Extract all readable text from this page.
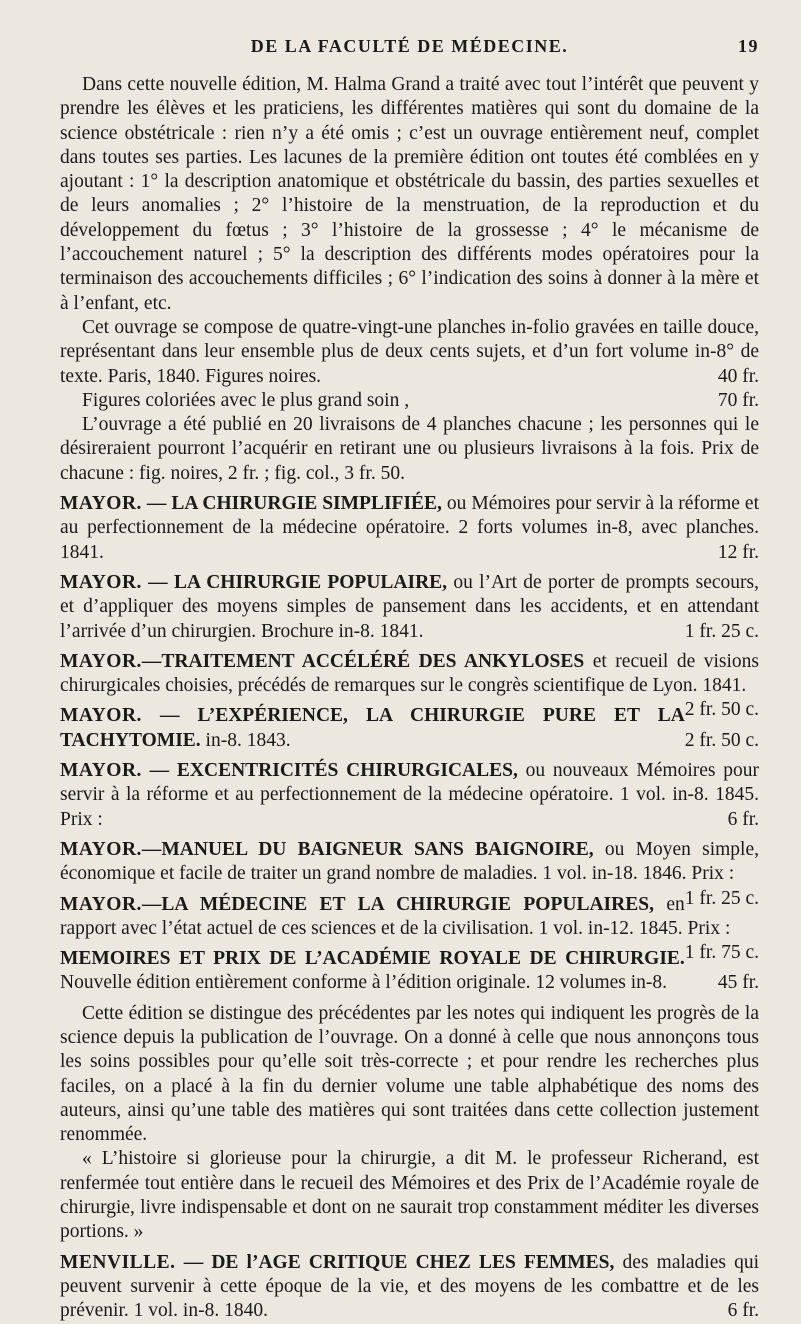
DE LA FACULTÉ DE MÉDECINE.	19

Dans cette nouvelle édition, M. Halma Grand a traité avec tout l’intérêt que peuvent y prendre les élèves et les praticiens, les différentes matières qui sont du domaine de la science obstétricale : rien n’y a été omis ; c’est un ouvrage entièrement neuf, complet dans toutes ses parties. Les lacunes de la première édition ont toutes été comblées en y ajoutant : 1° la description anatomique et obstétricale du bassin, des parties sexuelles et de leurs anomalies ; 2° l’histoire de la menstruation, de la reproduction et du développement du fœtus ; 3° l’histoire de la grossesse ; 4° le mécanisme de l’accouchement naturel ; 5° la description des différents modes opératoires pour la terminaison des accouchements difficiles ; 6° l’indication des soins à donner à la mère et à l’enfant, etc.

Cet ouvrage se compose de quatre-vingt-une planches in-folio gravées en taille douce, représentant dans leur ensemble plus de deux cents sujets, et d’un fort volume in-8° de texte. Paris, 1840. Figures noires.	40 fr.

Figures coloriées avec le plus grand soin ,	70 fr.

L’ouvrage a été publié en 20 livraisons de 4 planches chacune ; les personnes qui le désireraient pourront l’acquérir en retirant une ou plusieurs livraisons à la fois. Prix de chacune : fig. noires, 2 fr. ; fig. col., 3 fr. 50.

MAYOR. — LA CHIRURGIE SIMPLIFIÉE, ou Mémoires pour servir à la réforme et au perfectionnement de la médecine opératoire. 2 forts volumes in-8, avec planches. 1841.	12 fr.

MAYOR. — LA CHIRURGIE POPULAIRE, ou l’Art de porter de prompts secours, et d’appliquer des moyens simples de pansement dans les accidents, et en attendant l’arrivée d’un chirurgien. Brochure in-8. 1841.	1 fr. 25 c.

MAYOR.—TRAITEMENT ACCÉLÉRÉ DES ANKYLOSES et recueil de visions chirurgicales choisies, précédés de remarques sur le congrès scientifique de Lyon. 1841.
2 fr. 50 c.

MAYOR. — L’EXPÉRIENCE, LA CHIRURGIE PURE ET LA TACHYTOMIE. in-8. 1843.	2 fr. 50 c.

MAYOR. — EXCENTRICITÉS CHIRURGICALES, ou nouveaux Mémoires pour servir à la réforme et au perfectionnement de la médecine opératoire. 1 vol. in-8. 1845. Prix :	6 fr.

MAYOR.—MANUEL DU BAIGNEUR SANS BAIGNOIRE, ou Moyen simple, économique et facile de traiter un grand nombre de maladies. 1 vol. in-18. 1846. Prix :
1 fr. 25 c.

MAYOR.—LA MÉDECINE ET LA CHIRURGIE POPULAIRES, en rapport avec l’état actuel de ces sciences et de la civilisation. 1 vol. in-12. 1845. Prix :
1 fr. 75 c.

MEMOIRES ET PRIX DE L’ACADÉMIE ROYALE DE CHIRURGIE. Nouvelle édition entièrement conforme à l’édition originale. 12 volumes in-8.	45 fr.

Cette édition se distingue des précédentes par les notes qui indiquent les progrès de la science depuis la publication de l’ouvrage. On a donné à celle que nous annonçons tous les soins possibles pour qu’elle soit très-correcte ; et pour rendre les recherches plus faciles, on a placé à la fin du dernier volume une table alphabétique des noms des auteurs, ainsi qu’une table des matières qui sont traitées dans cette collection justement renommée.

« L’histoire si glorieuse pour la chirurgie, a dit M. le professeur Richerand, est renfermée tout entière dans le recueil des Mémoires et des Prix de l’Académie royale de chirurgie, livre indispensable et dont on ne saurait trop constamment méditer les diverses portions. »

MENVILLE. — DE l’AGE CRITIQUE CHEZ LES FEMMES, des maladies qui peuvent survenir à cette époque de la vie, et des moyens de les combattre et de les prévenir. 1 vol. in-8. 1840.	6 fr.
